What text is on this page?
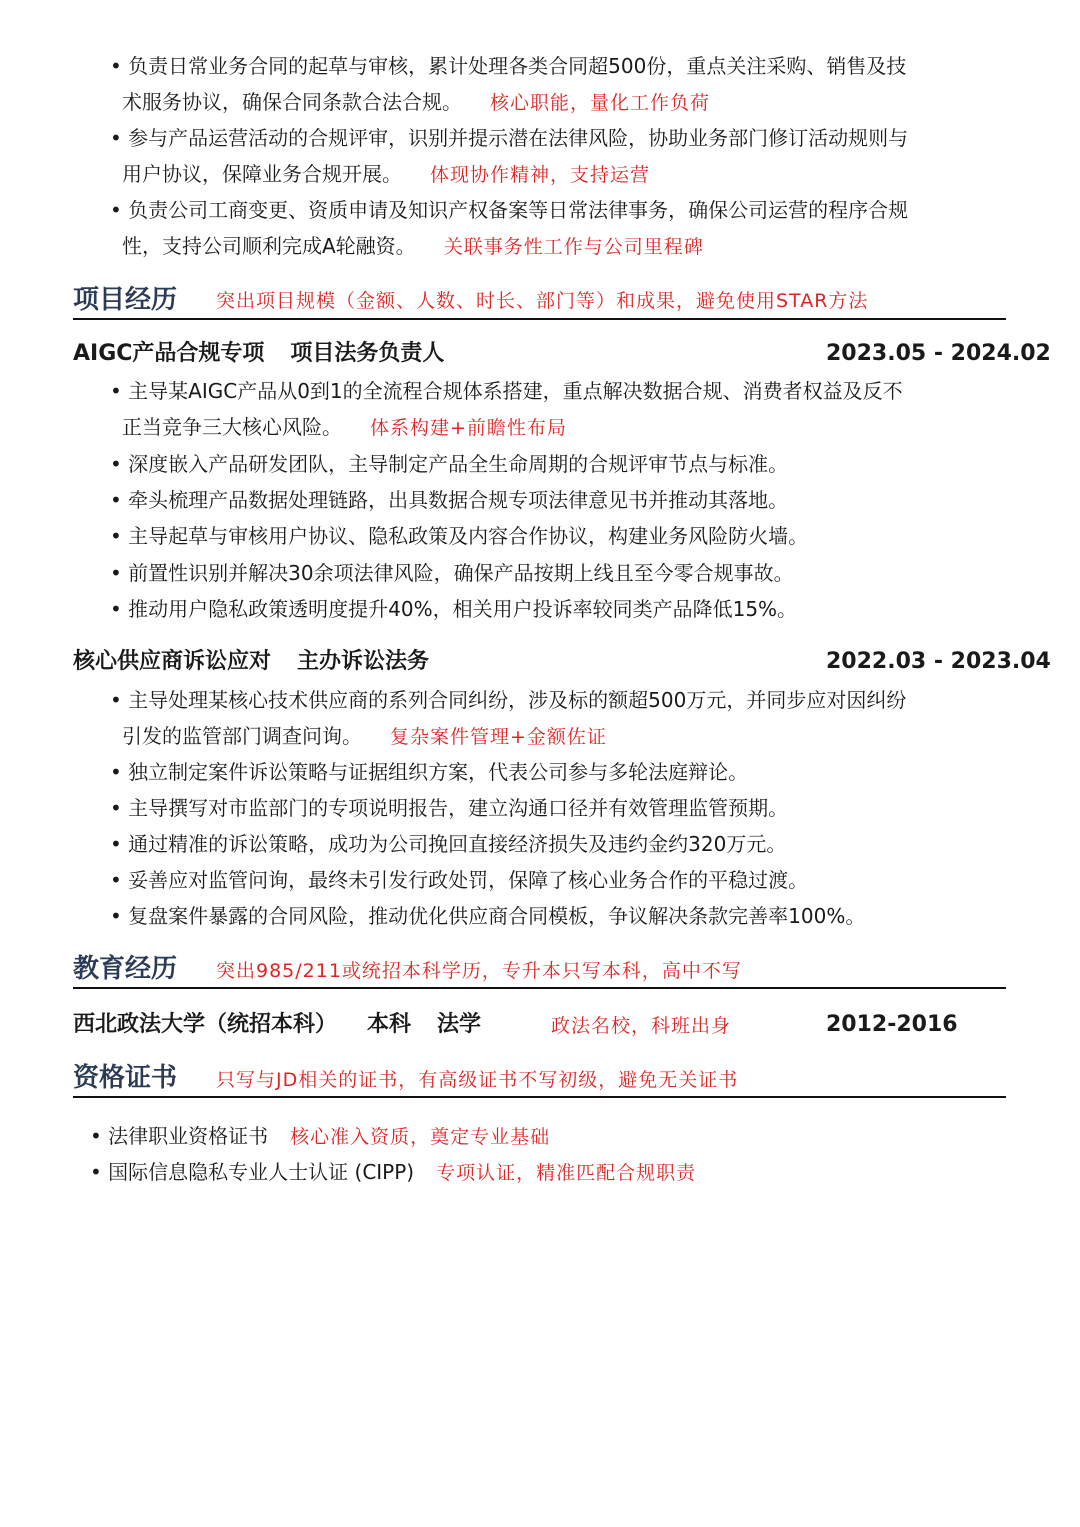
• 负责日常业务合同的起草与审核，累计处理各类合同超500份，重点关注采购、销售及技
术服务协议，确保合同条款合法合规。 核心职能，量化工作负荷
• 参与产品运营活动的合规评审，识别并提示潜在法律风险，协助业务部门修订活动规则与
用户协议，保障业务合规开展。 体现协作精神，支持运营
• 负责公司工商变更、资质申请及知识产权备案等日常法律事务，确保公司运营的程序合规
性，支持公司顺利完成A轮融资。 关联事务性工作与公司里程碑
项目经历 突出项目规模（金额、人数、时长、部门等）和成果，避免使用STAR方法
AIGC产品合规专项 项目法务负责人	2023.05 - 2024.02
• 主导某AIGC产品从0到1的全流程合规体系搭建，重点解决数据合规、消费者权益及反不
正当竞争三大核心风险。 体系构建+前瞻性布局
• 深度嵌入产品研发团队，主导制定产品全生命周期的合规评审节点与标准。
• 牵头梳理产品数据处理链路，出具数据合规专项法律意见书并推动其落地。
• 主导起草与审核用户协议、隐私政策及内容合作协议，构建业务风险防火墙。
• 前置性识别并解决30余项法律风险，确保产品按期上线且至今零合规事故。
• 推动用户隐私政策透明度提升40%，相关用户投诉率较同类产品降低15%。
核心供应商诉讼应对 主办诉讼法务	2022.03 - 2023.04
• 主导处理某核心技术供应商的系列合同纠纷，涉及标的额超500万元，并同步应对因纠纷
引发的监管部门调查问询。 复杂案件管理+金额佐证
• 独立制定案件诉讼策略与证据组织方案，代表公司参与多轮法庭辩论。
• 主导撰写对市监部门的专项说明报告，建立沟通口径并有效管理监管预期。
• 通过精准的诉讼策略，成功为公司挽回直接经济损失及违约金约320万元。
• 妥善应对监管问询，最终未引发行政处罚，保障了核心业务合作的平稳过渡。
• 复盘案件暴露的合同风险，推动优化供应商合同模板，争议解决条款完善率100%。
教育经历 突出985/211或统招本科学历，专升本只写本科，高中不写
西北政法大学（统招本科） 本科 法学	政法名校，科班出身	2012-2016
资格证书 只写与JD相关的证书，有高级证书不写初级，避免无关证书
• 法律职业资格证书 核心准入资质，奠定专业基础
• 国际信息隐私专业人士认证 (CIPP) 专项认证，精准匹配合规职责
